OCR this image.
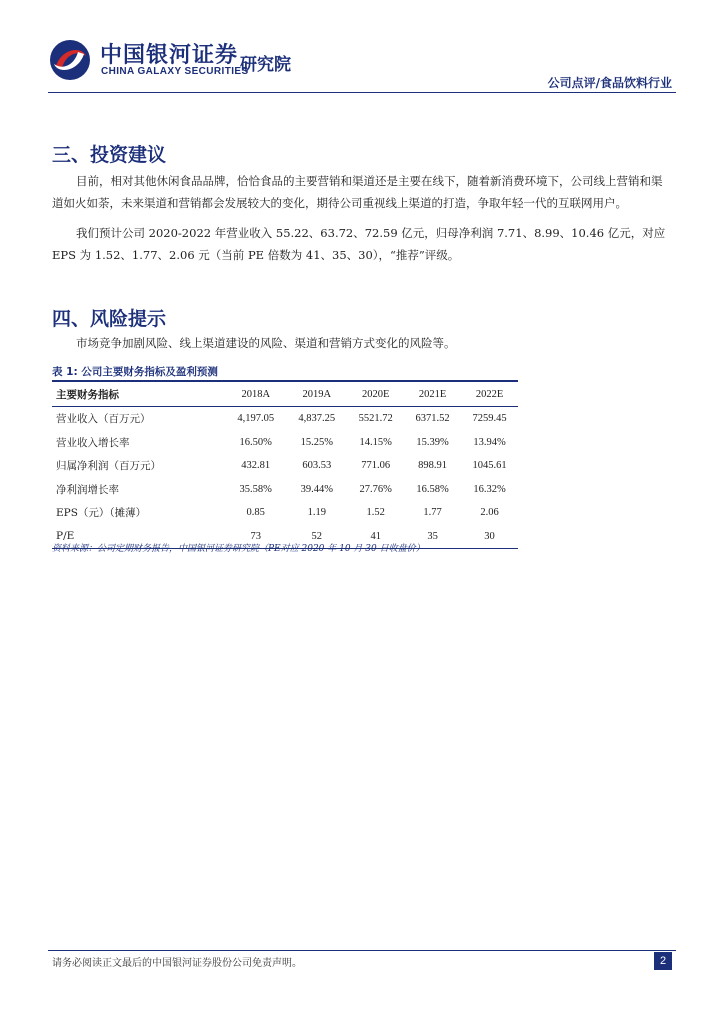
中国银河证券
CHINA GALAXY SECURITIES
研究院
公司点评/食品饮料行业
三、投资建议

目前，相对其他休闲食品品牌，恰恰食品的主要营销和渠道还是主要在线下，随着新消费环境下，公司线上营销和渠道如火如荼，未来渠道和营销都会发展较大的变化，期待公司重视线上渠道的打造，争取年轻一代的互联网用户。

我们预计公司 2020-2022 年营业收入 55.22、63.72、72.59 亿元，归母净利润 7.71、8.99、10.46 亿元，对应 EPS 为 1.52、1.77、2.06 元（当前 PE 倍数为 41、35、30），“推荐”评级。

四、风险提示

市场竞争加剧风险、线上渠道建设的风险、渠道和营销方式变化的风险等。

表 1: 公司主要财务指标及盈利预测
主要财务指标	2018A	2019A	2020E	2021E	2022E
营业收入（百万元）	4,197.05	4,837.25	5521.72	6371.52	7259.45
营业收入增长率	16.50%	15.25%	14.15%	15.39%	13.94%
归属净利润（百万元）	432.81	603.53	771.06	898.91	1045.61
净利润增长率	35.58%	39.44%	27.76%	16.58%	16.32%
EPS（元）（摊薄）	0.85	1.19	1.52	1.77	2.06
P/E	73	52	41	35	30
资料来源：公司定期财务报告，中国银河证券研究院（PE对应 2020 年 10 月 30 日收盘价）
请务必阅读正文最后的中国银河证券股份公司免责声明。	2
